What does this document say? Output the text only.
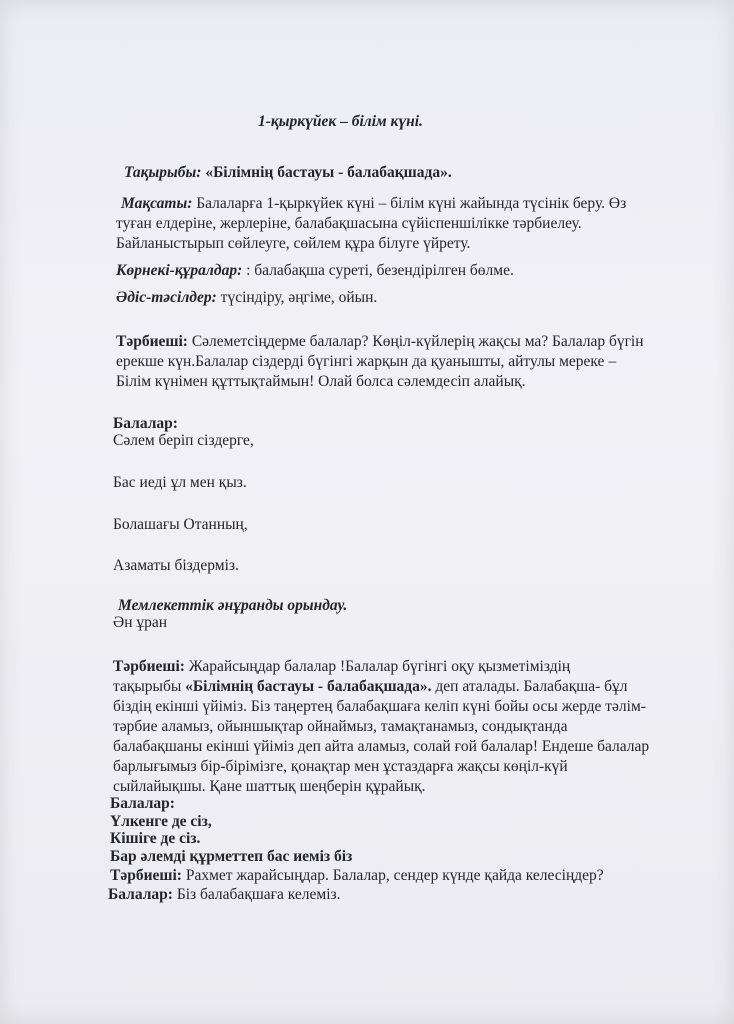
1-қыркүйек – білім күні.
Тақырыбы: «Білімнің бастауы - балабақшада».
Мақсаты: Балаларға 1-қыркүйек күні – білім күні жайында түсінік беру. Өз
туған елдеріне, жерлеріне, балабақшасына сүйіспеншілікке тәрбиелеу.
Байланыстырып сөйлеуге, сөйлем құра білуге үйрету.
Көрнекі-құралдар: : балабақша суреті, безендірілген бөлме.
Әдіс-тәсілдер: түсіндіру, әңгіме, ойын.
Тәрбиеші: Сәлеметсіңдерме балалар? Көңіл-күйлерің жақсы ма? Балалар бүгін
ерекше күн.Балалар сіздерді бүгінгі жарқын да қуанышты, айтулы мереке –
Білім күнімен құттықтаймын! Олай болса сәлемдесіп алайық.
Балалар:
Сәлем беріп сіздерге,
Бас иеді ұл мен қыз.
Болашағы Отанның,
Азаматы біздерміз.
Мемлекеттік әнұранды орындау.
Ән ұран
Тәрбиеші: Жарайсыңдар балалар !Балалар бүгінгі оқу қызметіміздің
тақырыбы «Білімнің бастауы - балабақшада». деп аталады. Балабақша- бұл
біздің екінші үйіміз. Біз таңертең балабақшаға келіп күні бойы осы жерде тәлім-
тәрбие аламыз, ойыншықтар ойнаймыз, тамақтанамыз, сондықтанда
балабақшаны екінші үйіміз деп айта аламыз, солай ғой балалар! Ендеше балалар
барлығымыз бір-бірімізге, қонақтар мен ұстаздарға жақсы көңіл-күй
сыйлайықшы. Қане шаттық шеңберін құрайық.
Балалар:
Үлкенге де сіз,
Кішіге де сіз.
Бар әлемді құрметтеп бас иеміз біз
Тәрбиеші: Рахмет жарайсыңдар. Балалар, сендер күнде қайда келесіңдер?
Балалар: Біз балабақшаға келеміз.
